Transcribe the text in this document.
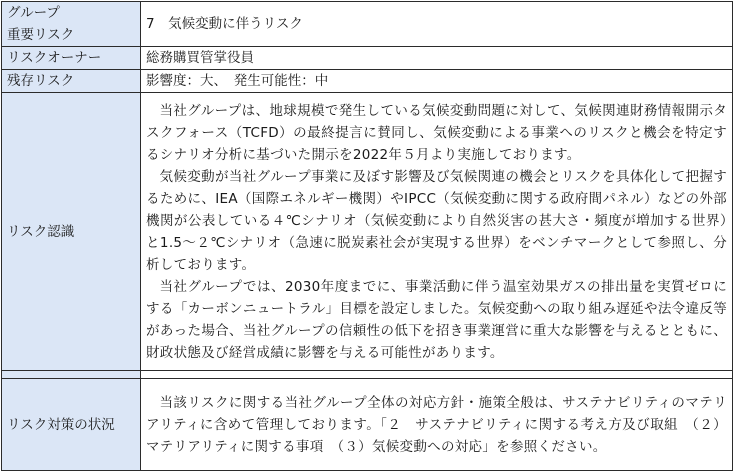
グループ
重要リスク	7　気候変動に伴うリスク
リスクオーナー	総務購買管掌役員
残存リスク	影響度：大、　発生可能性：中
リスク認識	当社グループは、地球規模で発生している気候変動問題に対して、気候関連財務情報開示タスクフォース（TCFD）の最終提言に賛同し、気候変動による事業へのリスクと機会を特定するシナリオ分析に基づいた開示を2022年５月より実施しております。

気候変動が当社グループ事業に及ぼす影響及び気候関連の機会とリスクを具体化して把握するために、IEA（国際エネルギー機関）やIPCC（気候変動に関する政府間パネル）などの外部機関が公表している４℃シナリオ（気候変動により自然災害の甚大さ・頻度が増加する世界）と1.5～２℃シナリオ（急速に脱炭素社会が実現する世界）をベンチマークとして参照し、分析しております。

当社グループでは、2030年度までに、事業活動に伴う温室効果ガスの排出量を実質ゼロにする「カーボンニュートラル」目標を設定しました。気候変動への取り組み遅延や法令違反等があった場合、当社グループの信頼性の低下を招き事業運営に重大な影響を与えるとともに、財政状態及び経営成績に影響を与える可能性があります。

リスク対策の状況	当該リスクに関する当社グループ全体の対応方針・施策全般は、サステナビリティのマテリアリティに含めて管理しております。「２　サステナビリティに関する考え方及び取組　（２）マテリアリティに関する事項　（３）気候変動への対応」を参照ください。
